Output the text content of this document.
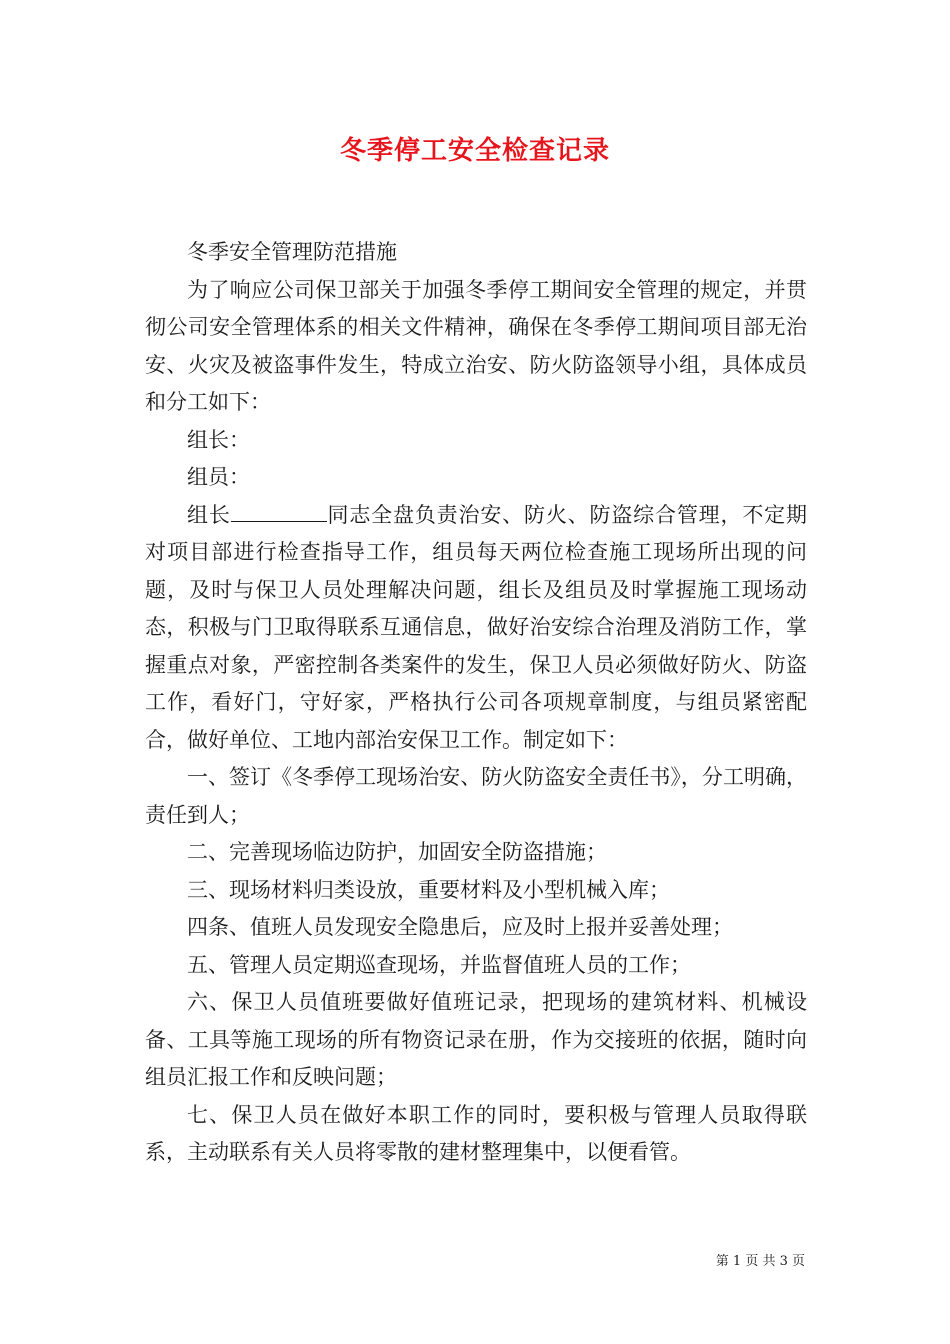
冬季停工安全检查记录

冬季安全管理防范措施

为了响应公司保卫部关于加强冬季停工期间安全管理的规定，并贯彻公司安全管理体系的相关文件精神，确保在冬季停工期间项目部无治安、火灾及被盗事件发生，特成立治安、防火防盗领导小组，具体成员和分工如下：

组长：

组员：

组长	同志全盘负责治安、防火、防盗综合管理，不定期对项目部进行检查指导工作，组员每天两位检查施工现场所出现的问题，及时与保卫人员处理解决问题，组长及组员及时掌握施工现场动态，积极与门卫取得联系互通信息，做好治安综合治理及消防工作，掌握重点对象，严密控制各类案件的发生，保卫人员必须做好防火、防盗工作，看好门，守好家，严格执行公司各项规章制度，与组员紧密配合，做好单位、工地内部治安保卫工作。制定如下：

一、签订《冬季停工现场治安、防火防盗安全责任书》，分工明确，责任到人；

二、完善现场临边防护，加固安全防盗措施；

三、现场材料归类设放，重要材料及小型机械入库；

四条、值班人员发现安全隐患后，应及时上报并妥善处理；

五、管理人员定期巡查现场，并监督值班人员的工作；

六、保卫人员值班要做好值班记录，把现场的建筑材料、机械设备、工具等施工现场的所有物资记录在册，作为交接班的依据，随时向组员汇报工作和反映问题；

七、保卫人员在做好本职工作的同时，要积极与管理人员取得联系，主动联系有关人员将零散的建材整理集中，以便看管。

第 1 页 共 3 页
